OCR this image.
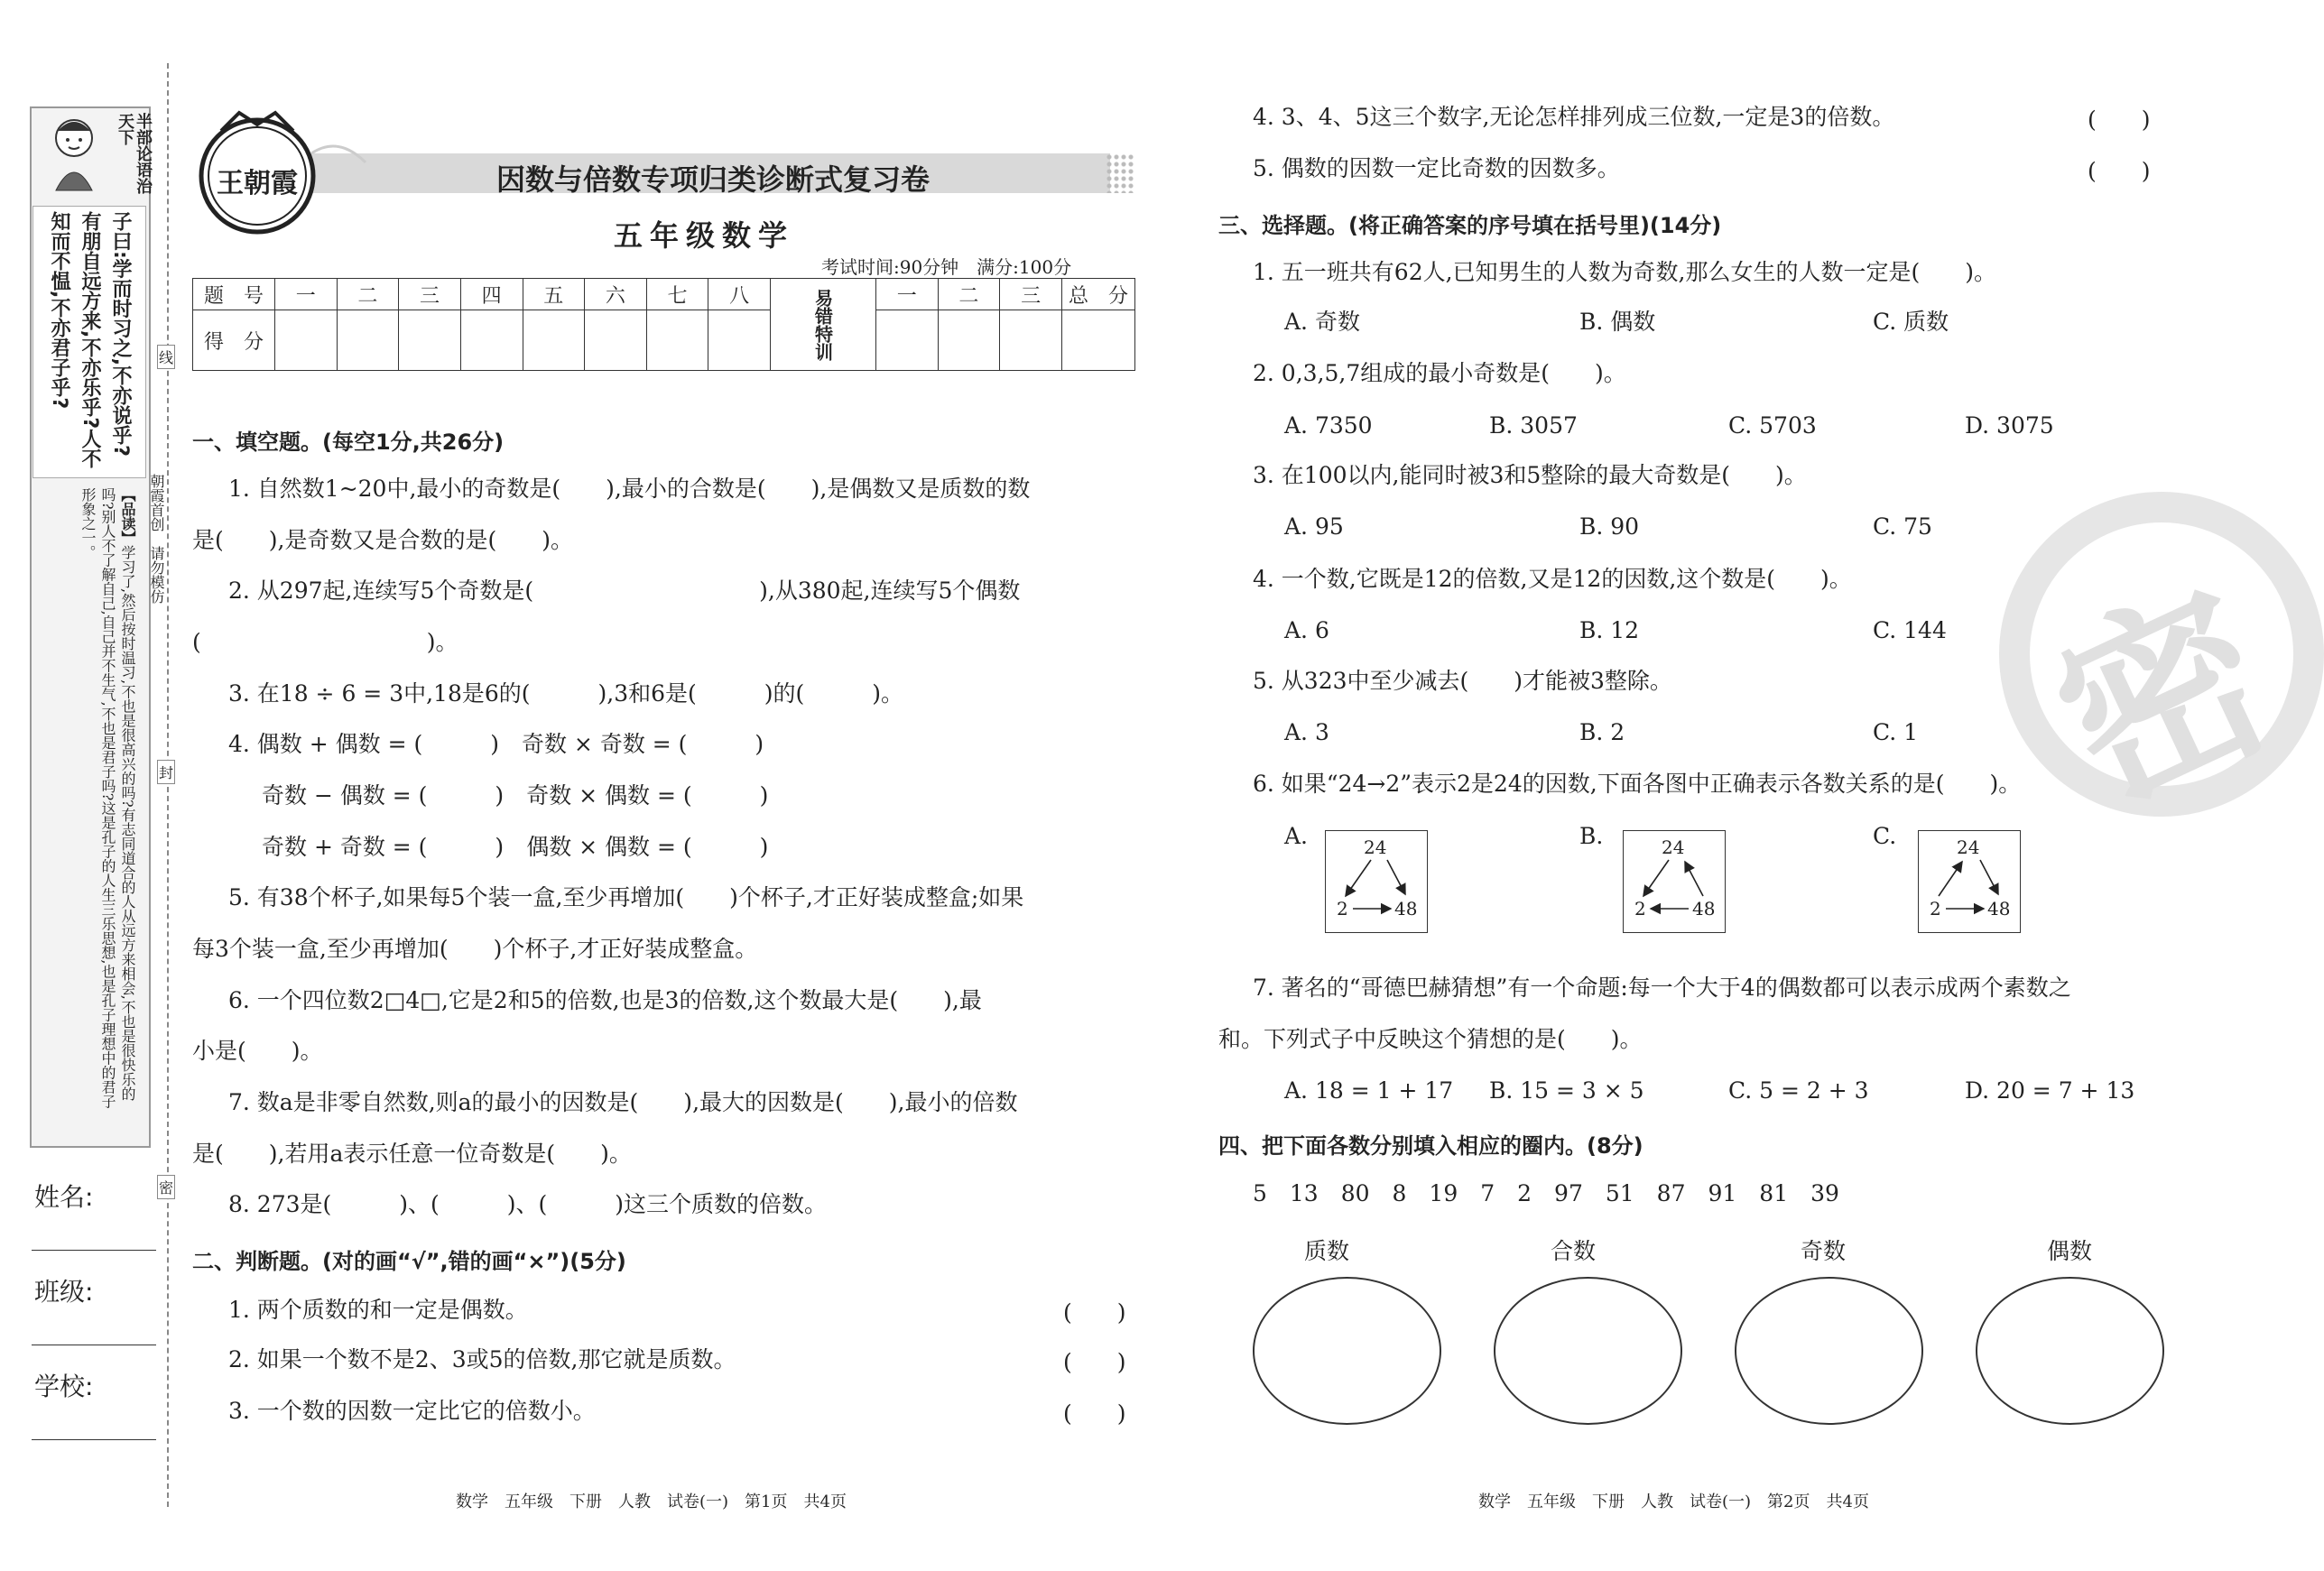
半部论语治天下
子曰:学而时习之,不亦说乎?有朋自远方来,不亦乐乎?人不知而不愠,不亦君子乎?
【品读】学习了,然后按时温习,不也是很高兴的吗?有志同道合的人从远方来相会,不也是很快乐的吗?别人不了解自己,自己并不生气,不也是君子吗?这是孔子的人生三乐思想,也是孔子理想中的君子形象之一。	朝霞首创　请勿模仿
线
封
密
姓名:
班级:
学校:
王朝霞	因数与倍数专项归类诊断式复习卷
五年级数学
考试时间:90分钟　满分:100分
题　号	一	二	三	四	五	六	七	八	易错特训	一	二	三	总　分
得　分													
一、填空题。(每空1分,共26分)
1. 自然数1~20中,最小的奇数是(　　),最小的合数是(　　),是偶数又是质数的数
是(　　),是奇数又是合数的是(　　)。
2. 从297起,连续写5个奇数是(　　　　　　　　　　),从380起,连续写5个偶数
(　　　　　　　　　　)。
3. 在18 ÷ 6 = 3中,18是6的(　　　),3和6是(　　　)的(　　　)。
4. 偶数 + 偶数 = (　　　)　奇数 × 奇数 = (　　　)
奇数 − 偶数 = (　　　)　奇数 × 偶数 = (　　　)
奇数 + 奇数 = (　　　)　偶数 × 偶数 = (　　　)
5. 有38个杯子,如果每5个装一盒,至少再增加(　　)个杯子,才正好装成整盒;如果
每3个装一盒,至少再增加(　　)个杯子,才正好装成整盒。
6. 一个四位数2□4□,它是2和5的倍数,也是3的倍数,这个数最大是(　　),最
小是(　　)。
7. 数a是非零自然数,则a的最小的因数是(　　),最大的因数是(　　),最小的倍数
是(　　),若用a表示任意一位奇数是(　　)。
8. 273是(　　　)、(　　　)、(　　　)这三个质数的倍数。
二、判断题。(对的画“√”,错的画“×”)(5分)
1. 两个质数的和一定是偶数。	(　　)
2. 如果一个数不是2、3或5的倍数,那它就是质数。	(　　)
3. 一个数的因数一定比它的倍数小。	(　　)
4. 3、4、5这三个数字,无论怎样排列成三位数,一定是3的倍数。	(　　)
5. 偶数的因数一定比奇数的因数多。	(　　)
三、选择题。(将正确答案的序号填在括号里)(14分)
1. 五一班共有62人,已知男生的人数为奇数,那么女生的人数一定是(　　)。
A. 奇数	B. 偶数	C. 质数
2. 0,3,5,7组成的最小奇数是(　　)。
A. 7350	B. 3057	C. 5703	D. 3075
3. 在100以内,能同时被3和5整除的最大奇数是(　　)。
A. 95	B. 90	C. 75
4. 一个数,它既是12的倍数,又是12的因数,这个数是(　　)。
A. 6	B. 12	C. 144
5. 从323中至少减去(　　)才能被3整除。
A. 3	B. 2	C. 1
6. 如果“24→2”表示2是24的因数,下面各图中正确表示各数关系的是(　　)。
A.	24
2	48
B.	24
2	48
C.	24
2	48
7. 著名的“哥德巴赫猜想”有一个命题:每一个大于4的偶数都可以表示成两个素数之
和。下列式子中反映这个猜想的是(　　)。
A. 18 = 1 + 17 B. 15 = 3 × 5	C. 5 = 2 + 3	D. 20 = 7 + 13
四、把下面各数分别填入相应的圈内。(8分)
5　13　80　8　19　7　2　97　51　87　91　81　39
质数	合数	奇数	偶数
密
数学　五年级　下册　人教　试卷(一)　第1页　共4页	数学　五年级　下册　人教　试卷(一)　第2页　共4页
